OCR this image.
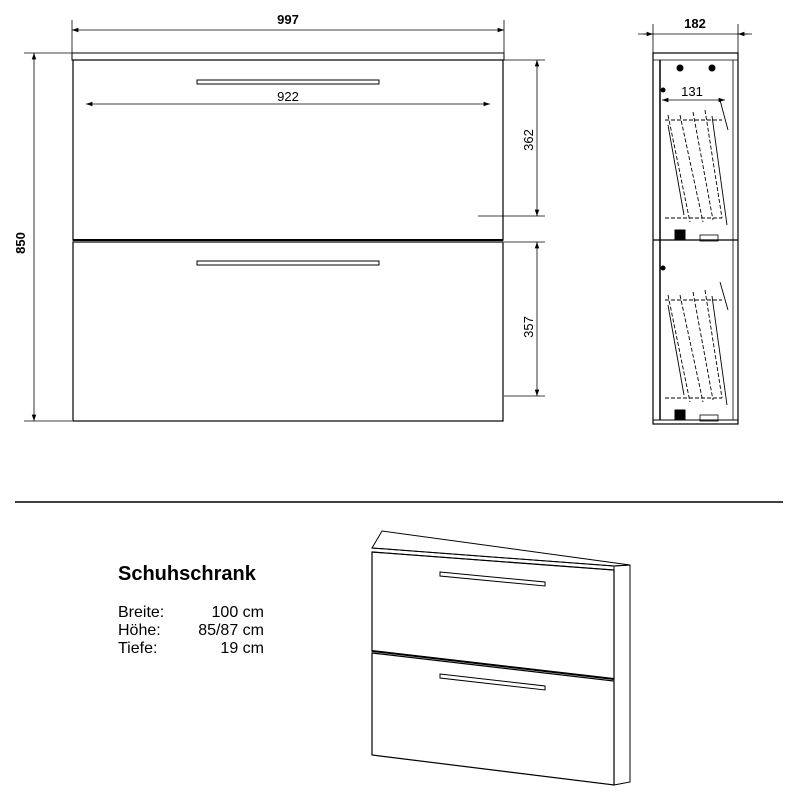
997
922
850
362
357
182
131
Schuhschrank
Breite:	100 cm
Höhe:	85/87 cm
Tiefe:	19 cm
